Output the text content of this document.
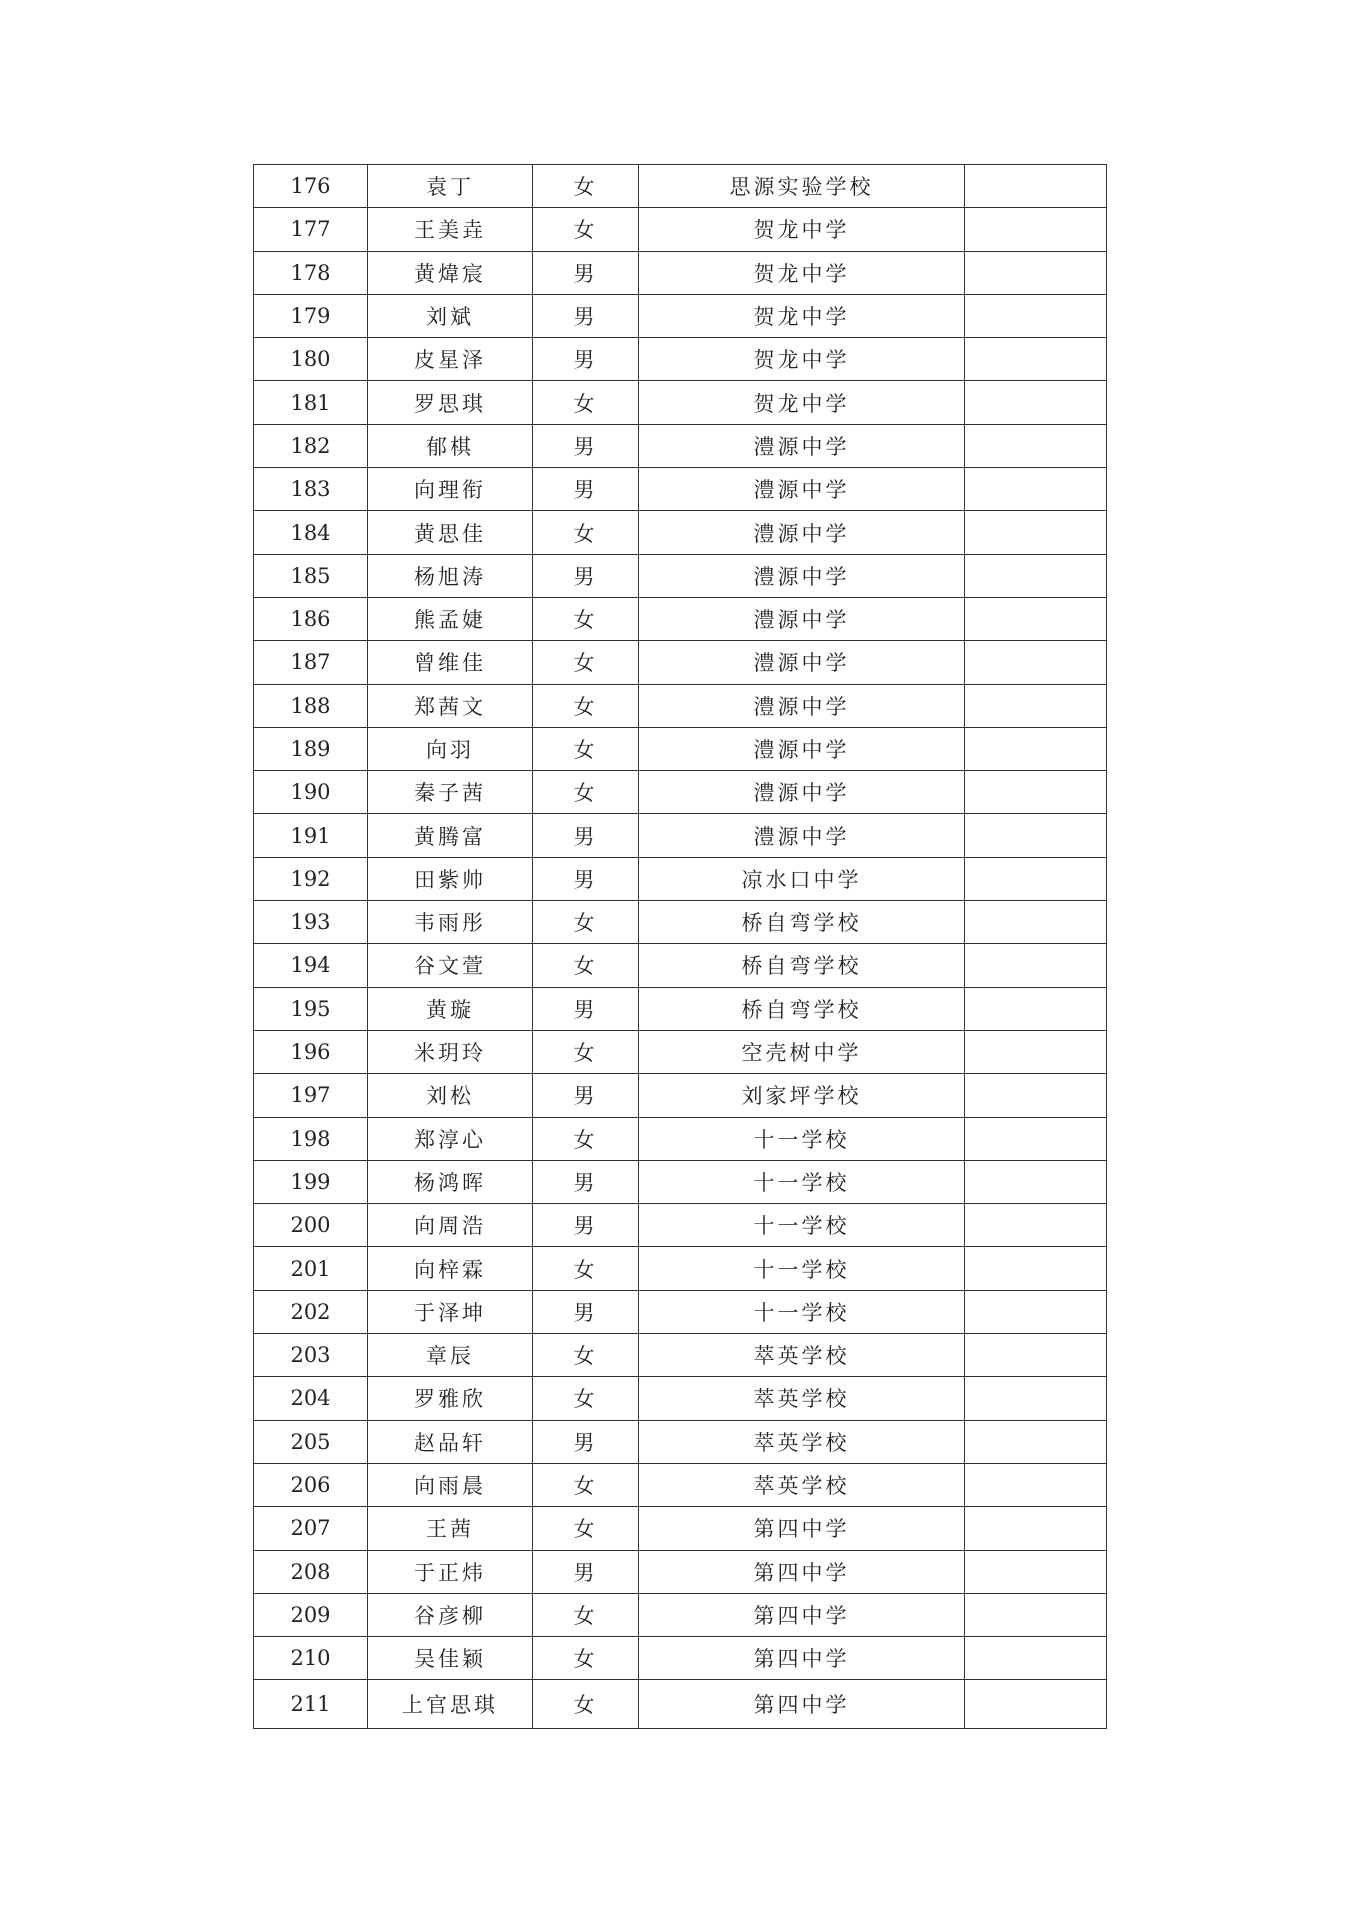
176	袁丁	女	思源实验学校	
177	王美垚	女	贺龙中学	
178	黄煒宸	男	贺龙中学	
179	刘斌	男	贺龙中学	
180	皮星泽	男	贺龙中学	
181	罗思琪	女	贺龙中学	
182	郁棋	男	澧源中学	
183	向理衔	男	澧源中学	
184	黄思佳	女	澧源中学	
185	杨旭涛	男	澧源中学	
186	熊孟婕	女	澧源中学	
187	曾维佳	女	澧源中学	
188	郑茜文	女	澧源中学	
189	向羽	女	澧源中学	
190	秦子茜	女	澧源中学	
191	黄腾富	男	澧源中学	
192	田紫帅	男	凉水口中学	
193	韦雨彤	女	桥自弯学校	
194	谷文萱	女	桥自弯学校	
195	黄璇	男	桥自弯学校	
196	米玥玲	女	空壳树中学	
197	刘松	男	刘家坪学校	
198	郑淳心	女	十一学校	
199	杨鸿晖	男	十一学校	
200	向周浩	男	十一学校	
201	向梓霖	女	十一学校	
202	于泽坤	男	十一学校	
203	章辰	女	萃英学校	
204	罗雅欣	女	萃英学校	
205	赵品轩	男	萃英学校	
206	向雨晨	女	萃英学校	
207	王茜	女	第四中学	
208	于正炜	男	第四中学	
209	谷彦柳	女	第四中学	
210	吴佳颖	女	第四中学	
211	上官思琪	女	第四中学	
